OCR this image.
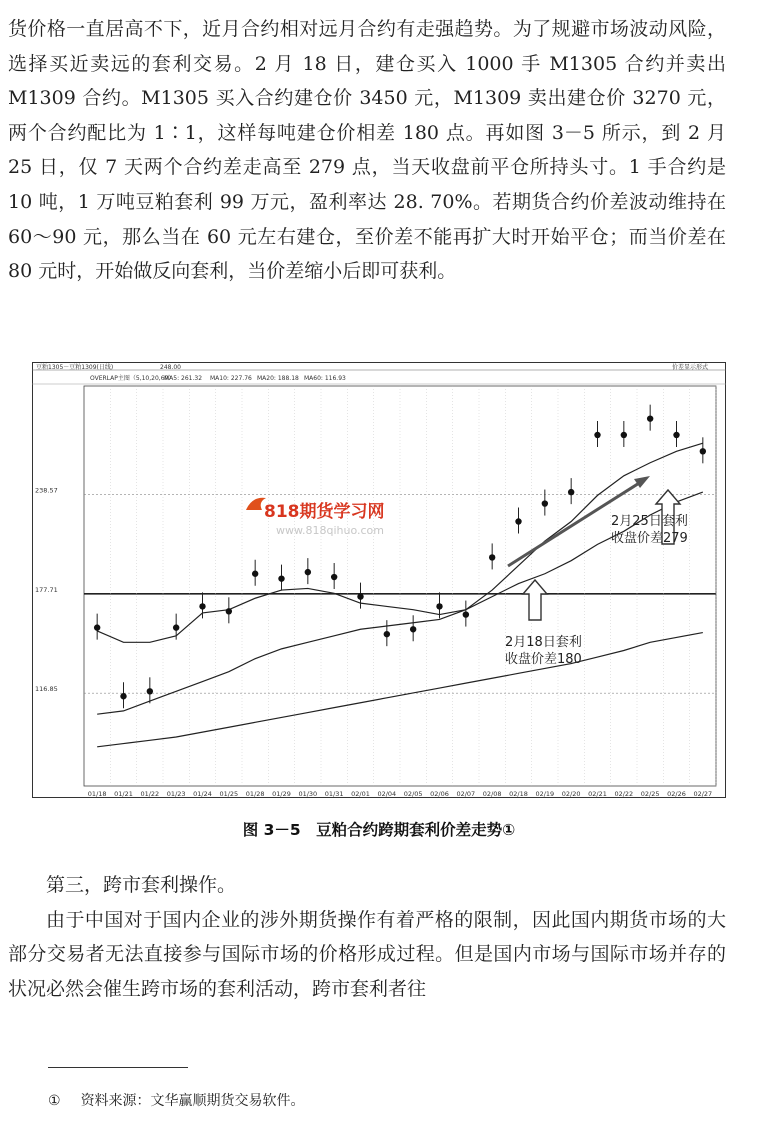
货价格一直居高不下，近月合约相对远月合约有走强趋势。为了规避市场波动风险，选择买近卖远的套利交易。2 月 18 日，建仓买入 1000 手 M1305 合约并卖出 M1309 合约。M1305 买入合约建仓价 3450 元，M1309 卖出建仓价 3270 元，两个合约配比为 1∶1，这样每吨建仓价相差 180 点。再如图 3－5 所示，到 2 月 25 日，仅 7 天两个合约差走高至 279 点，当天收盘前平仓所持头寸。1 手合约是 10 吨，1 万吨豆粕套利 99 万元，盈利率达 28. 70%。若期货合约价差波动维持在 60～90 元，那么当在 60 元左右建仓，至价差不能再扩大时开始平仓；而当价差在 80 元时，开始做反向套利，当价差缩小后即可获利。

豆粕1305－豆粕1309(日线)	248.00	价差显示形式
OVERLAP主图（5,10,20,60）
MA5: 261.32 MA10: 227.76 MA20: 188.18 MA60: 116.93
116.85
177.71
238.57
01/18 01/21 01/22 01/23 01/24 01/25 01/28 01/29 01/30 01/31 02/01 02/04 02/05 02/06 02/07 02/08 02/18 02/19 02/20 02/21 02/22 02/25 02/26 02/27
818期货学习网
www.818qihuo.com
2月25日套利
收盘价差279
2月18日套利
收盘价差180
图 3－5　豆粕合约跨期套利价差走势①

第三，跨市套利操作。
由于中国对于国内企业的涉外期货操作有着严格的限制，因此国内期货市场的大部分交易者无法直接参与国际市场的价格形成过程。但是国内市场与国际市场并存的状况必然会催生跨市场的套利活动，跨市套利者往

① 资料来源：文华赢顺期货交易软件。
